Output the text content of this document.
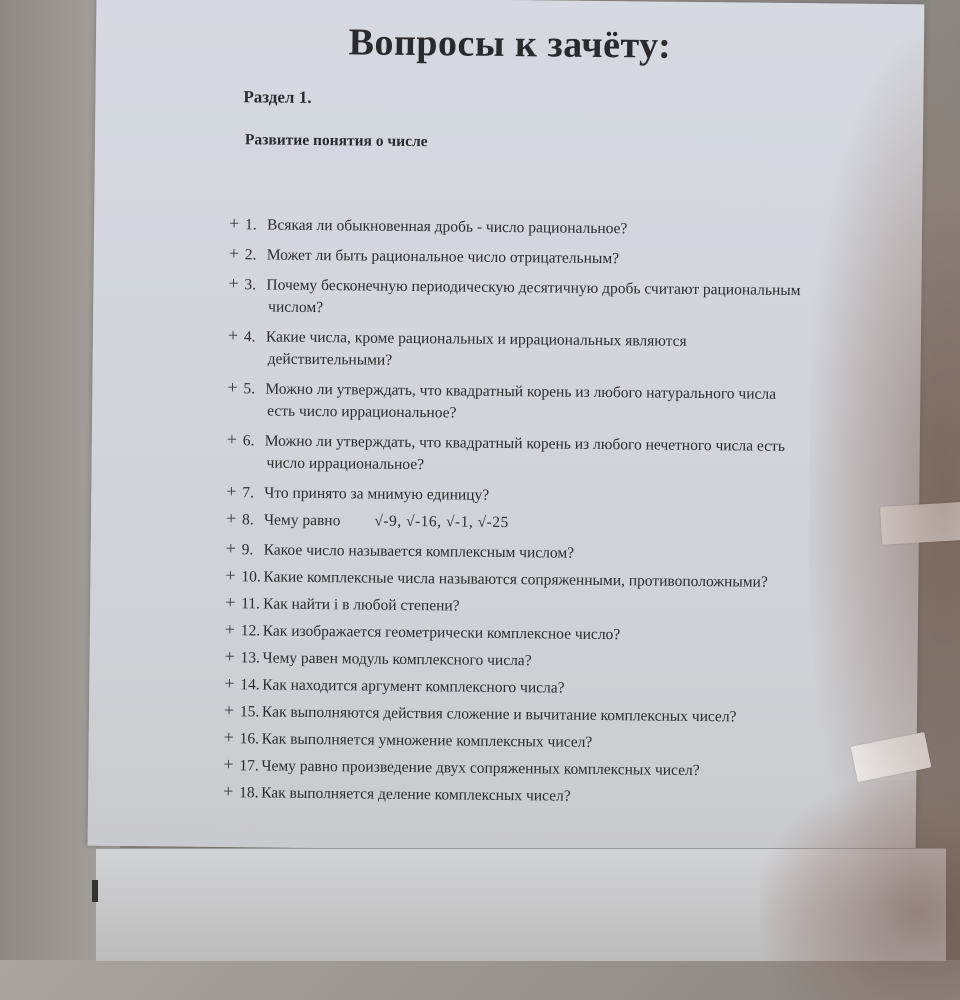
Вопросы к зачёту:
Раздел 1.
Развитие понятия о числе
+ 1. Всякая ли обыкновенная дробь - число рациональное?
+ 2. Может ли быть рациональное число отрицательным?
+ 3. Почему бесконечную периодическую десятичную дробь считают рациональным
числом?
+ 4. Какие числа, кроме рациональных и иррациональных являются
действительными?
+ 5. Можно ли утверждать, что квадратный корень из любого натурального числа
есть число иррациональное?
+ 6. Можно ли утверждать, что квадратный корень из любого нечетного числа есть
число иррациональное?
+ 7. Что принято за мнимую единицу?
+ 8. Чему равно √-9, √-16, √-1, √-25
+ 9. Какое число называется комплексным числом?
+ 10. Какие комплексные числа называются сопряженными, противоположными?
+ 11. Как найти i в любой степени?
+ 12. Как изображается геометрически комплексное число?
+ 13. Чему равен модуль комплексного числа?
+ 14. Как находится аргумент комплексного числа?
+ 15. Как выполняются действия сложение и вычитание комплексных чисел?
+ 16. Как выполняется умножение комплексных чисел?
+ 17. Чему равно произведение двух сопряженных комплексных чисел?
+ 18. Как выполняется деление комплексных чисел?
